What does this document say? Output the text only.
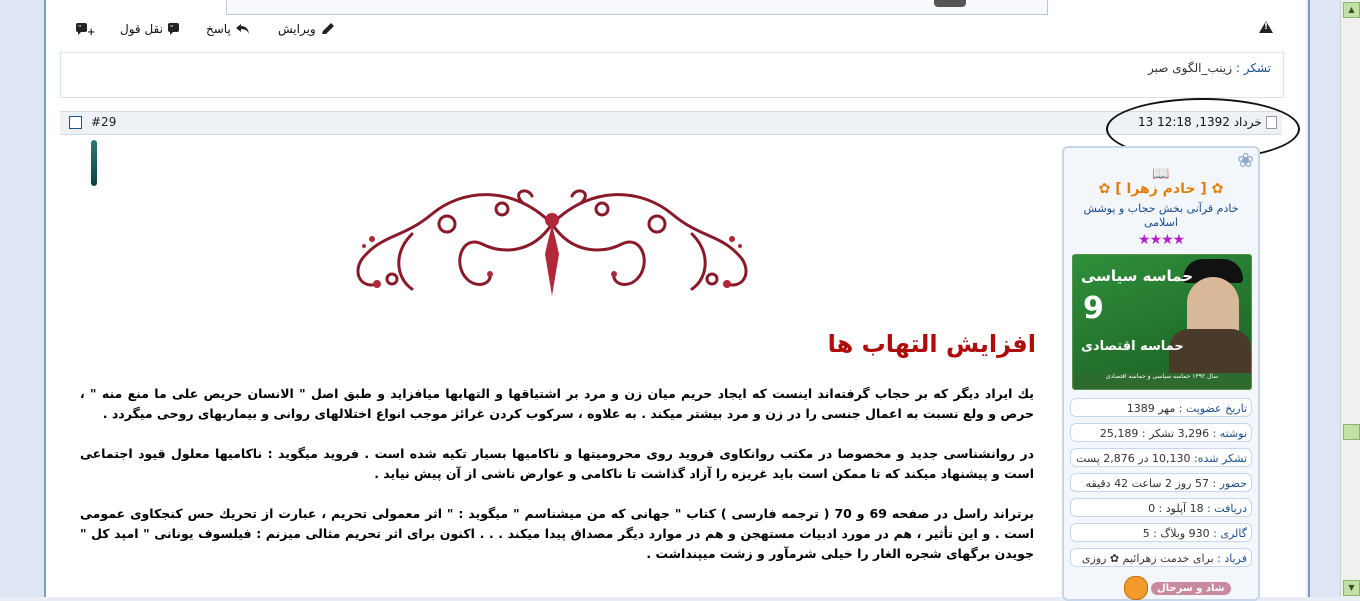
▲
▼
" + نقل قول "	پاسخ	ویرایش
!
تشکر : زینب_الگوی صبر
#29	13 خرداد 1392, 12:18
افزایش التهاب ها
یك ایراد دیگر كه بر حجاب گرفته‌اند اینست كه ایجاد حریم میان زن و مرد بر اشتیاقها و التهابها میافزاید و طبق اصل " الانسان حریص علی ما منع منه " ، حرص و ولع نسبت به اعمال جنسی را در زن و مرد بیشتر میكند . به علاوه ، سركوب كردن غرائز موجب انواع اختلالهای روانی و بیماریهای روحی میگردد .
در روانشناسی جدید و مخصوصا در مكتب روانكاوی فروید روی محرومیتها و ناكامیها بسیار تكیه شده است . فروید میگوید : ناكامیها معلول قیود اجتماعی است و پیشنهاد میكند كه تا ممكن است باید غریزه را آزاد گذاشت تا ناكامی و عوارض ناشی از آن پیش نیاید .
برتراند راسل در صفحه 69 و 70 ( ترجمه فارسی ) كتاب " جهانی كه من میشناسم " میگوید : " اثر معمولی تحریم ، عبارت از تحریك حس كنجكاوی عمومی است . و این تأثیر ، هم در مورد ادبیات مستهجن و هم در موارد دیگر مصداق پیدا میكند . . . اكنون برای اثر تحریم مثالی میزنم : فیلسوف یونانی " امپد كل " جویدن برگهای شجره الغار را خیلی شرمآور و زشت میپنداشت .
❀
📖
✿ [ خادم زهرا ] ✿
خادم قرآنی بخش حجاب و پوشش اسلامی
★★★★
حماسه سیاسی
9
حماسه اقتصادی
سال ۱۳۹۲ حماسه سیاسی و حماسه اقتصادی
تاریخ عضویت : مهر 1389
نوشته : 3,296 تشکر : 25,189
تشکر شده: 10,130 در 2,876 پست
حضور : 57 روز 2 ساعت 42 دقیقه
دریافت : 18 آپلود : 0
گالری : 930 وبلاگ : 5
فریاد : برای خدمت زهرائیم ✿ روزی
شاد و سرحال
